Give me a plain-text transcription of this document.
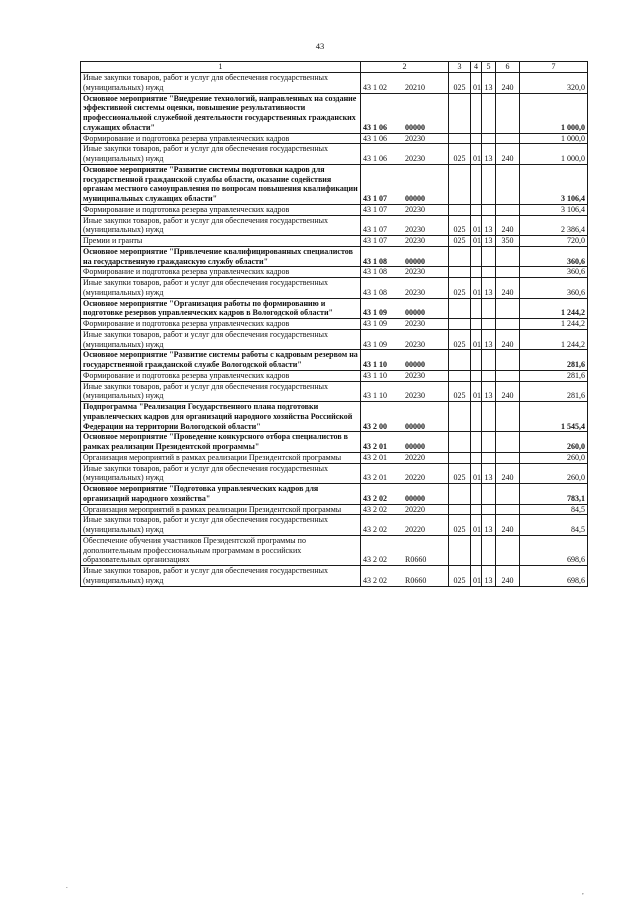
43
1	2	3	4	5	6	7
Иные закупки товаров, работ и услуг для обеспечения государственных (муниципальных) нужд	43 1 02 20210	025	01	13	240	320,0
Основное мероприятие "Внедрение технологий, направленных на создание эффективной системы оценки, повышение результативности профессиональной служебной деятельности государственных гражданских служащих области"	43 1 06 00000					1 000,0
Формирование и подготовка резерва управленческих кадров	43 1 06 20230					1 000,0
Иные закупки товаров, работ и услуг для обеспечения государственных (муниципальных) нужд	43 1 06 20230	025	01	13	240	1 000,0
Основное мероприятие "Развитие системы подготовки кадров для государственной гражданской службы области, оказание содействия органам местного самоуправления по вопросам повышения квалификации муниципальных служащих области"	43 1 07 00000					3 106,4
Формирование и подготовка резерва управленческих кадров	43 1 07 20230					3 106,4
Иные закупки товаров, работ и услуг для обеспечения государственных (муниципальных) нужд	43 1 07 20230	025	01	13	240	2 386,4
Премии и гранты	43 1 07 20230	025	01	13	350	720,0
Основное мероприятие "Привлечение квалифицированных специалистов на государственную гражданскую службу области"	43 1 08 00000					360,6
Формирование и подготовка резерва управленческих кадров	43 1 08 20230					360,6
Иные закупки товаров, работ и услуг для обеспечения государственных (муниципальных) нужд	43 1 08 20230	025	01	13	240	360,6
Основное мероприятие "Организация работы по формированию и подготовке резервов управленческих кадров в Вологодской области"	43 1 09 00000					1 244,2
Формирование и подготовка резерва управленческих кадров	43 1 09 20230					1 244,2
Иные закупки товаров, работ и услуг для обеспечения государственных (муниципальных) нужд	43 1 09 20230	025	01	13	240	1 244,2
Основное мероприятие "Развитие системы работы с кадровым резервом на государственной гражданской службе Вологодской области"	43 1 10 00000					281,6
Формирование и подготовка резерва управленческих кадров	43 1 10 20230					281,6
Иные закупки товаров, работ и услуг для обеспечения государственных (муниципальных) нужд	43 1 10 20230	025	01	13	240	281,6
Подпрограмма "Реализация Государственного плана подготовки управленческих кадров для организаций народного хозяйства Российской Федерации на территории Вологодской области"	43 2 00 00000					1 545,4
Основное мероприятие "Проведение конкурсного отбора специалистов в рамках реализации Президентской программы"	43 2 01 00000					260,0
Организация мероприятий в рамках реализации Президентской программы	43 2 01 20220					260,0
Иные закупки товаров, работ и услуг для обеспечения государственных (муниципальных) нужд	43 2 01 20220	025	01	13	240	260,0
Основное мероприятие "Подготовка управленческих кадров для организаций народного хозяйства"	43 2 02 00000					783,1
Организация мероприятий в рамках реализации Президентской программы	43 2 02 20220					84,5
Иные закупки товаров, работ и услуг для обеспечения государственных (муниципальных) нужд	43 2 02 20220	025	01	13	240	84,5
Обеспечение обучения участников Президентской программы по дополнительным профессиональным программам в российских образовательных организациях	43 2 02 R0660					698,6
Иные закупки товаров, работ и услуг для обеспечения государственных (муниципальных) нужд	43 2 02 R0660	025	01	13	240	698,6
.
,
